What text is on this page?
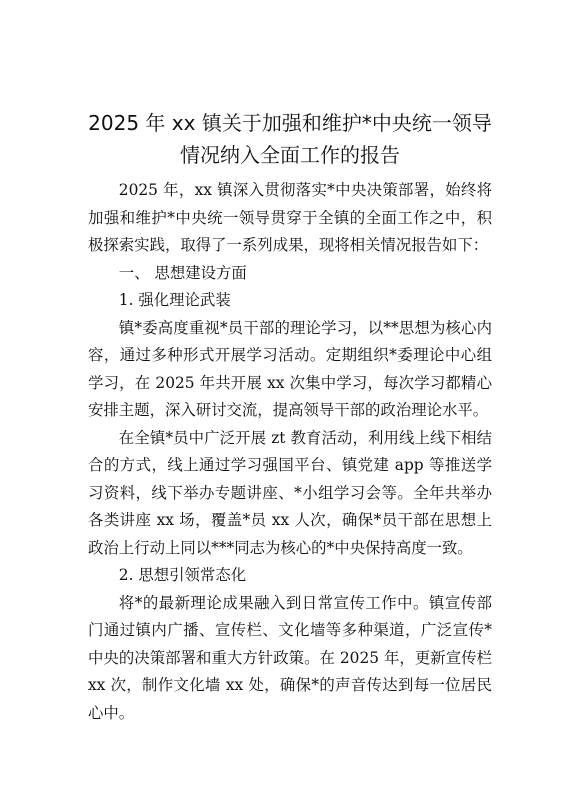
2025 年 xx 镇关于加强和维护*中央统一领导
情况纳入全面工作的报告

2025 年，xx 镇深入贯彻落实*中央决策部署，始终将加强和维护*中央统一领导贯穿于全镇的全面工作之中，积极探索实践，取得了一系列成果，现将相关情况报告如下：

一、 思想建设方面

1. 强化理论武装

镇*委高度重视*员干部的理论学习，以**思想为核心内容，通过多种形式开展学习活动。定期组织*委理论中心组学习，在 2025 年共开展 xx 次集中学习，每次学习都精心安排主题，深入研讨交流，提高领导干部的政治理论水平。

在全镇*员中广泛开展 zt 教育活动，利用线上线下相结合的方式，线上通过学习强国平台、镇党建 app 等推送学习资料，线下举办专题讲座、*小组学习会等。全年共举办各类讲座 xx 场，覆盖*员 xx 人次，确保*员干部在思想上政治上行动上同以***同志为核心的*中央保持高度一致。

2. 思想引领常态化

将*的最新理论成果融入到日常宣传工作中。镇宣传部门通过镇内广播、宣传栏、文化墙等多种渠道，广泛宣传*中央的决策部署和重大方针政策。在 2025 年，更新宣传栏 xx 次，制作文化墙 xx 处，确保*的声音传达到每一位居民心中。
